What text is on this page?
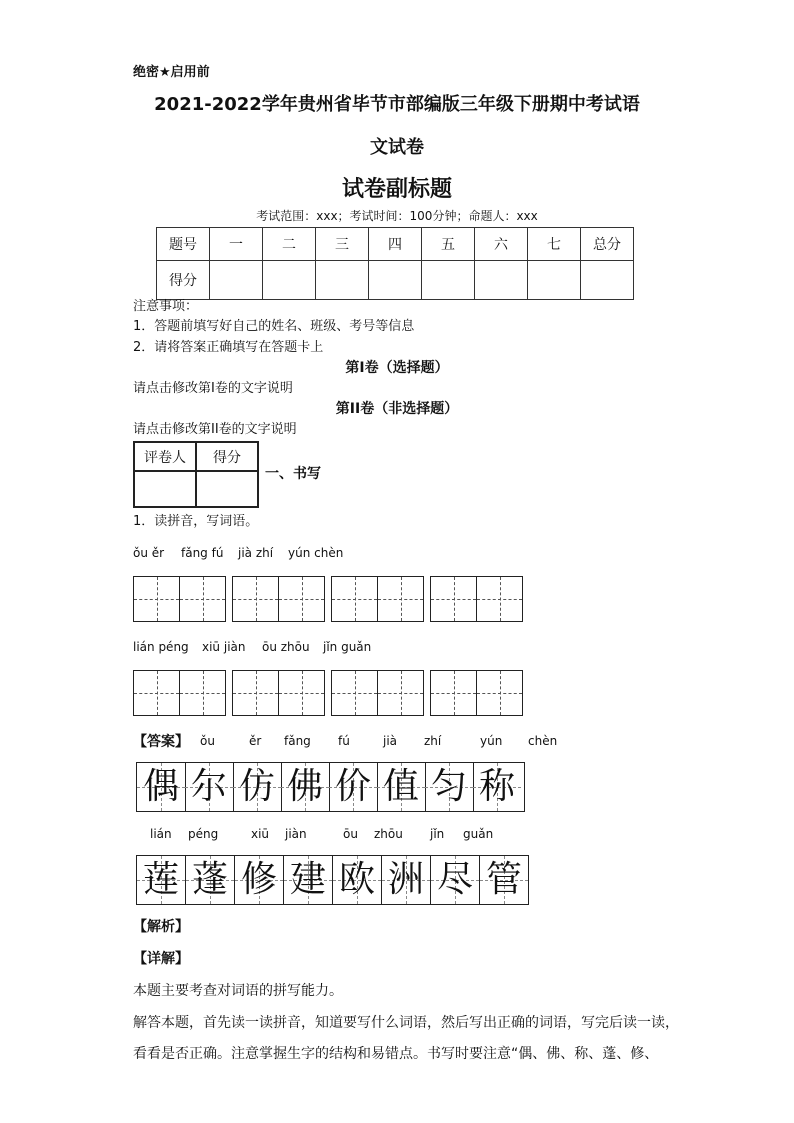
绝密★启用前
2021-2022学年贵州省毕节市部编版三年级下册期中考试语
文试卷
试卷副标题
考试范围：xxx；考试时间：100分钟；命题人：xxx
题号	一	二	三	四	五	六	七	总分
得分								
注意事项：
1．答题前填写好自己的姓名、班级、考号等信息
2．请将答案正确填写在答题卡上
第I卷（选择题）
请点击修改第I卷的文字说明
第II卷（非选择题）
请点击修改第II卷的文字说明
评卷人	得分

一、书写
1．读拼音，写词语。
ǒu ěr fǎng fú jià zhí yún chèn
lián péng xiū jiàn ōu zhōu jǐn guǎn
【答案】 ǒu	ěr fǎng fú	jià zhí	yún chèn
偶 尔 仿 佛 价 值 匀 称
lián péng	xiū jiàn	ōu zhōu jǐn guǎn
莲 蓬 修 建 欧 洲 尽 管
【解析】
【详解】
本题主要考查对词语的拼写能力。
解答本题，首先读一读拼音，知道要写什么词语，然后写出正确的词语，写完后读一读，
看看是否正确。注意掌握生字的结构和易错点。书写时要注意“偶、佛、称、蓬、修、
